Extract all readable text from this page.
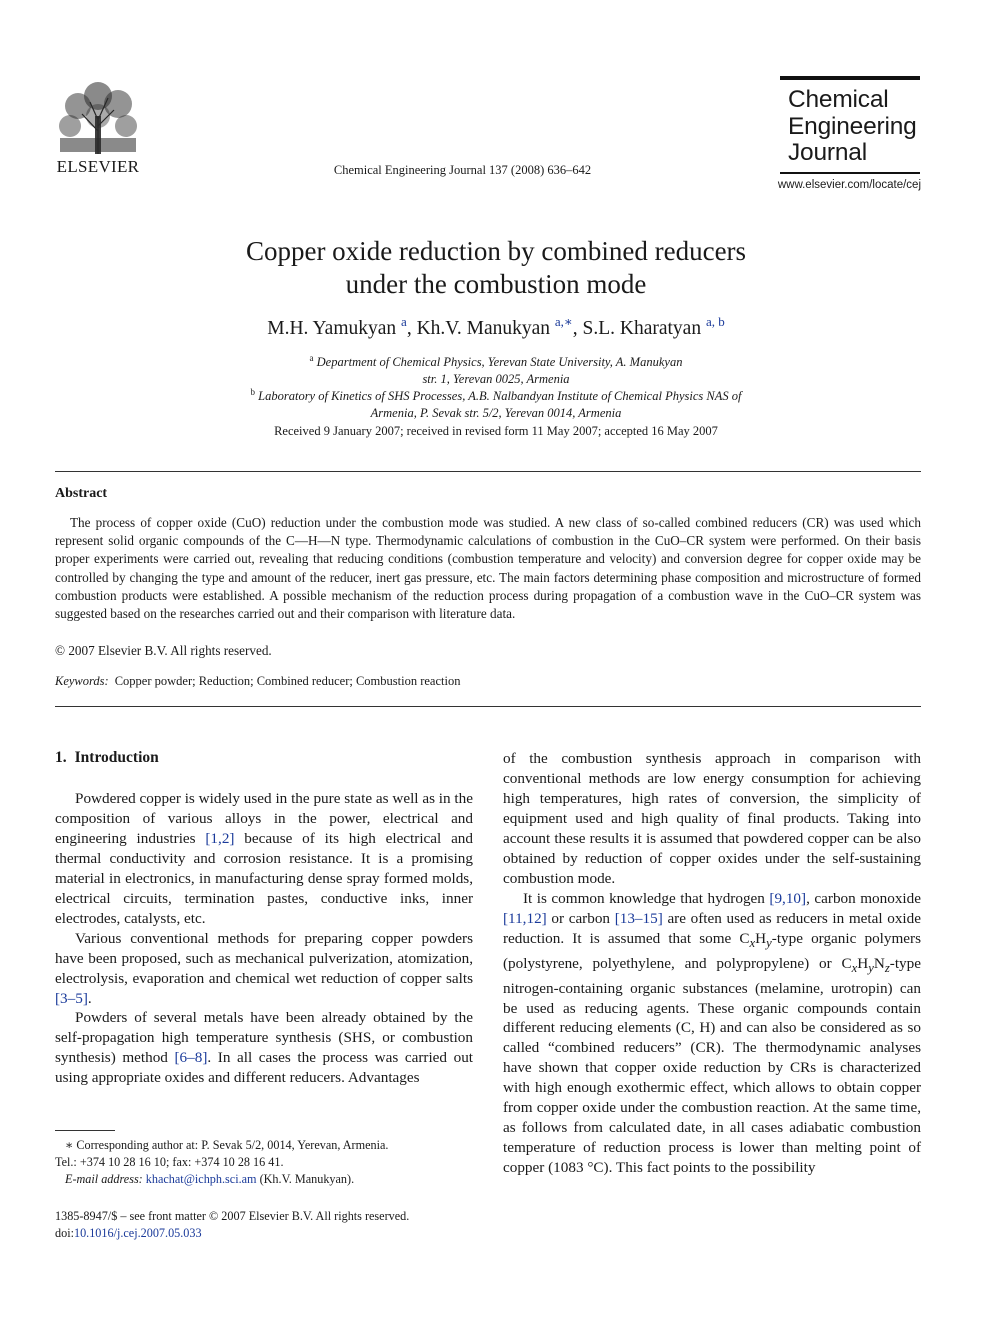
ELSEVIER	Chemical Engineering Journal 137 (2008) 636–642
Chemical
Engineering
Journal
www.elsevier.com/locate/cej
Copper oxide reduction by combined reducers
under the combustion mode
M.H. Yamukyan $^a$, Kh.V. Manukyan $^{a,∗}$, S.L. Kharatyan $^{a, b}$
$^a$ Department of Chemical Physics, Yerevan State University, A. Manukyan
str. 1, Yerevan 0025, Armenia
$^b$ Laboratory of Kinetics of SHS Processes, A.B. Nalbandyan Institute of Chemical Physics NAS of
Armenia, P. Sevak str. 5/2, Yerevan 0014, Armenia
Received 9 January 2007; received in revised form 11 May 2007; accepted 16 May 2007
Abstract
The process of copper oxide (CuO) reduction under the combustion mode was studied. A new class of so-called combined reducers (CR) was used which represent solid organic compounds of the C—H—N type. Thermodynamic calculations of combustion in the CuO–CR system were performed. On their basis proper experiments were carried out, revealing that reducing conditions (combustion temperature and velocity) and conversion degree for copper oxide may be controlled by changing the type and amount of the reducer, inert gas pressure, etc. The main factors determining phase composition and microstructure of formed combustion products were established. A possible mechanism of the reduction process during propagation of a combustion wave in the CuO–CR system was suggested based on the researches carried out and their comparison with literature data.
© 2007 Elsevier B.V. All rights reserved.
Keywords: Copper powder; Reduction; Combined reducer; Combustion reaction
1. Introduction

Powdered copper is widely used in the pure state as well as in the composition of various alloys in the power, electrical and engineering industries [1,2] because of its high electrical and thermal conductivity and corrosion resistance. It is a promising material in electronics, in manufacturing dense spray formed molds, electrical circuits, termination pastes, conductive inks, inner electrodes, catalysts, etc.

Various conventional methods for preparing copper powders have been proposed, such as mechanical pulverization, atomization, electrolysis, evaporation and chemical wet reduction of copper salts [3–5].

Powders of several metals have been already obtained by the self-propagation high temperature synthesis (SHS, or combustion synthesis) method [6–8]. In all cases the process was carried out using appropriate oxides and different reducers. Advantages

of the combustion synthesis approach in comparison with conventional methods are low energy consumption for achieving high temperatures, high rates of conversion, the simplicity of equipment used and high quality of final products. Taking into account these results it is assumed that powdered copper can be also obtained by reduction of copper oxides under the self-sustaining combustion mode.

It is common knowledge that hydrogen [9,10], carbon monoxide [11,12] or carbon [13–15] are often used as reducers in metal oxide reduction. It is assumed that some $C_xH_y$-type organic polymers (polystyrene, polyethylene, and polypropylene) or $C_xH_yN_z$-type nitrogen-containing organic substances (melamine, urotropin) can be used as reducing agents. These organic compounds contain different reducing elements (C, H) and can also be considered as so called “combined reducers” (CR). The thermodynamic analyses have shown that copper oxide reduction by CRs is characterized with high enough exothermic effect, which allows to obtain copper from copper oxide under the combustion reaction. At the same time, as follows from calculated date, in all cases adiabatic combustion temperature of reduction process is lower than melting point of copper (1083 °C). This fact points to the possibility

∗ Corresponding author at: P. Sevak 5/2, 0014, Yerevan, Armenia.
Tel.: +374 10 28 16 10; fax: +374 10 28 16 41.
E-mail address: khachat@ichph.sci.am (Kh.V. Manukyan).
1385-8947/$ – see front matter © 2007 Elsevier B.V. All rights reserved.
doi:10.1016/j.cej.2007.05.033
